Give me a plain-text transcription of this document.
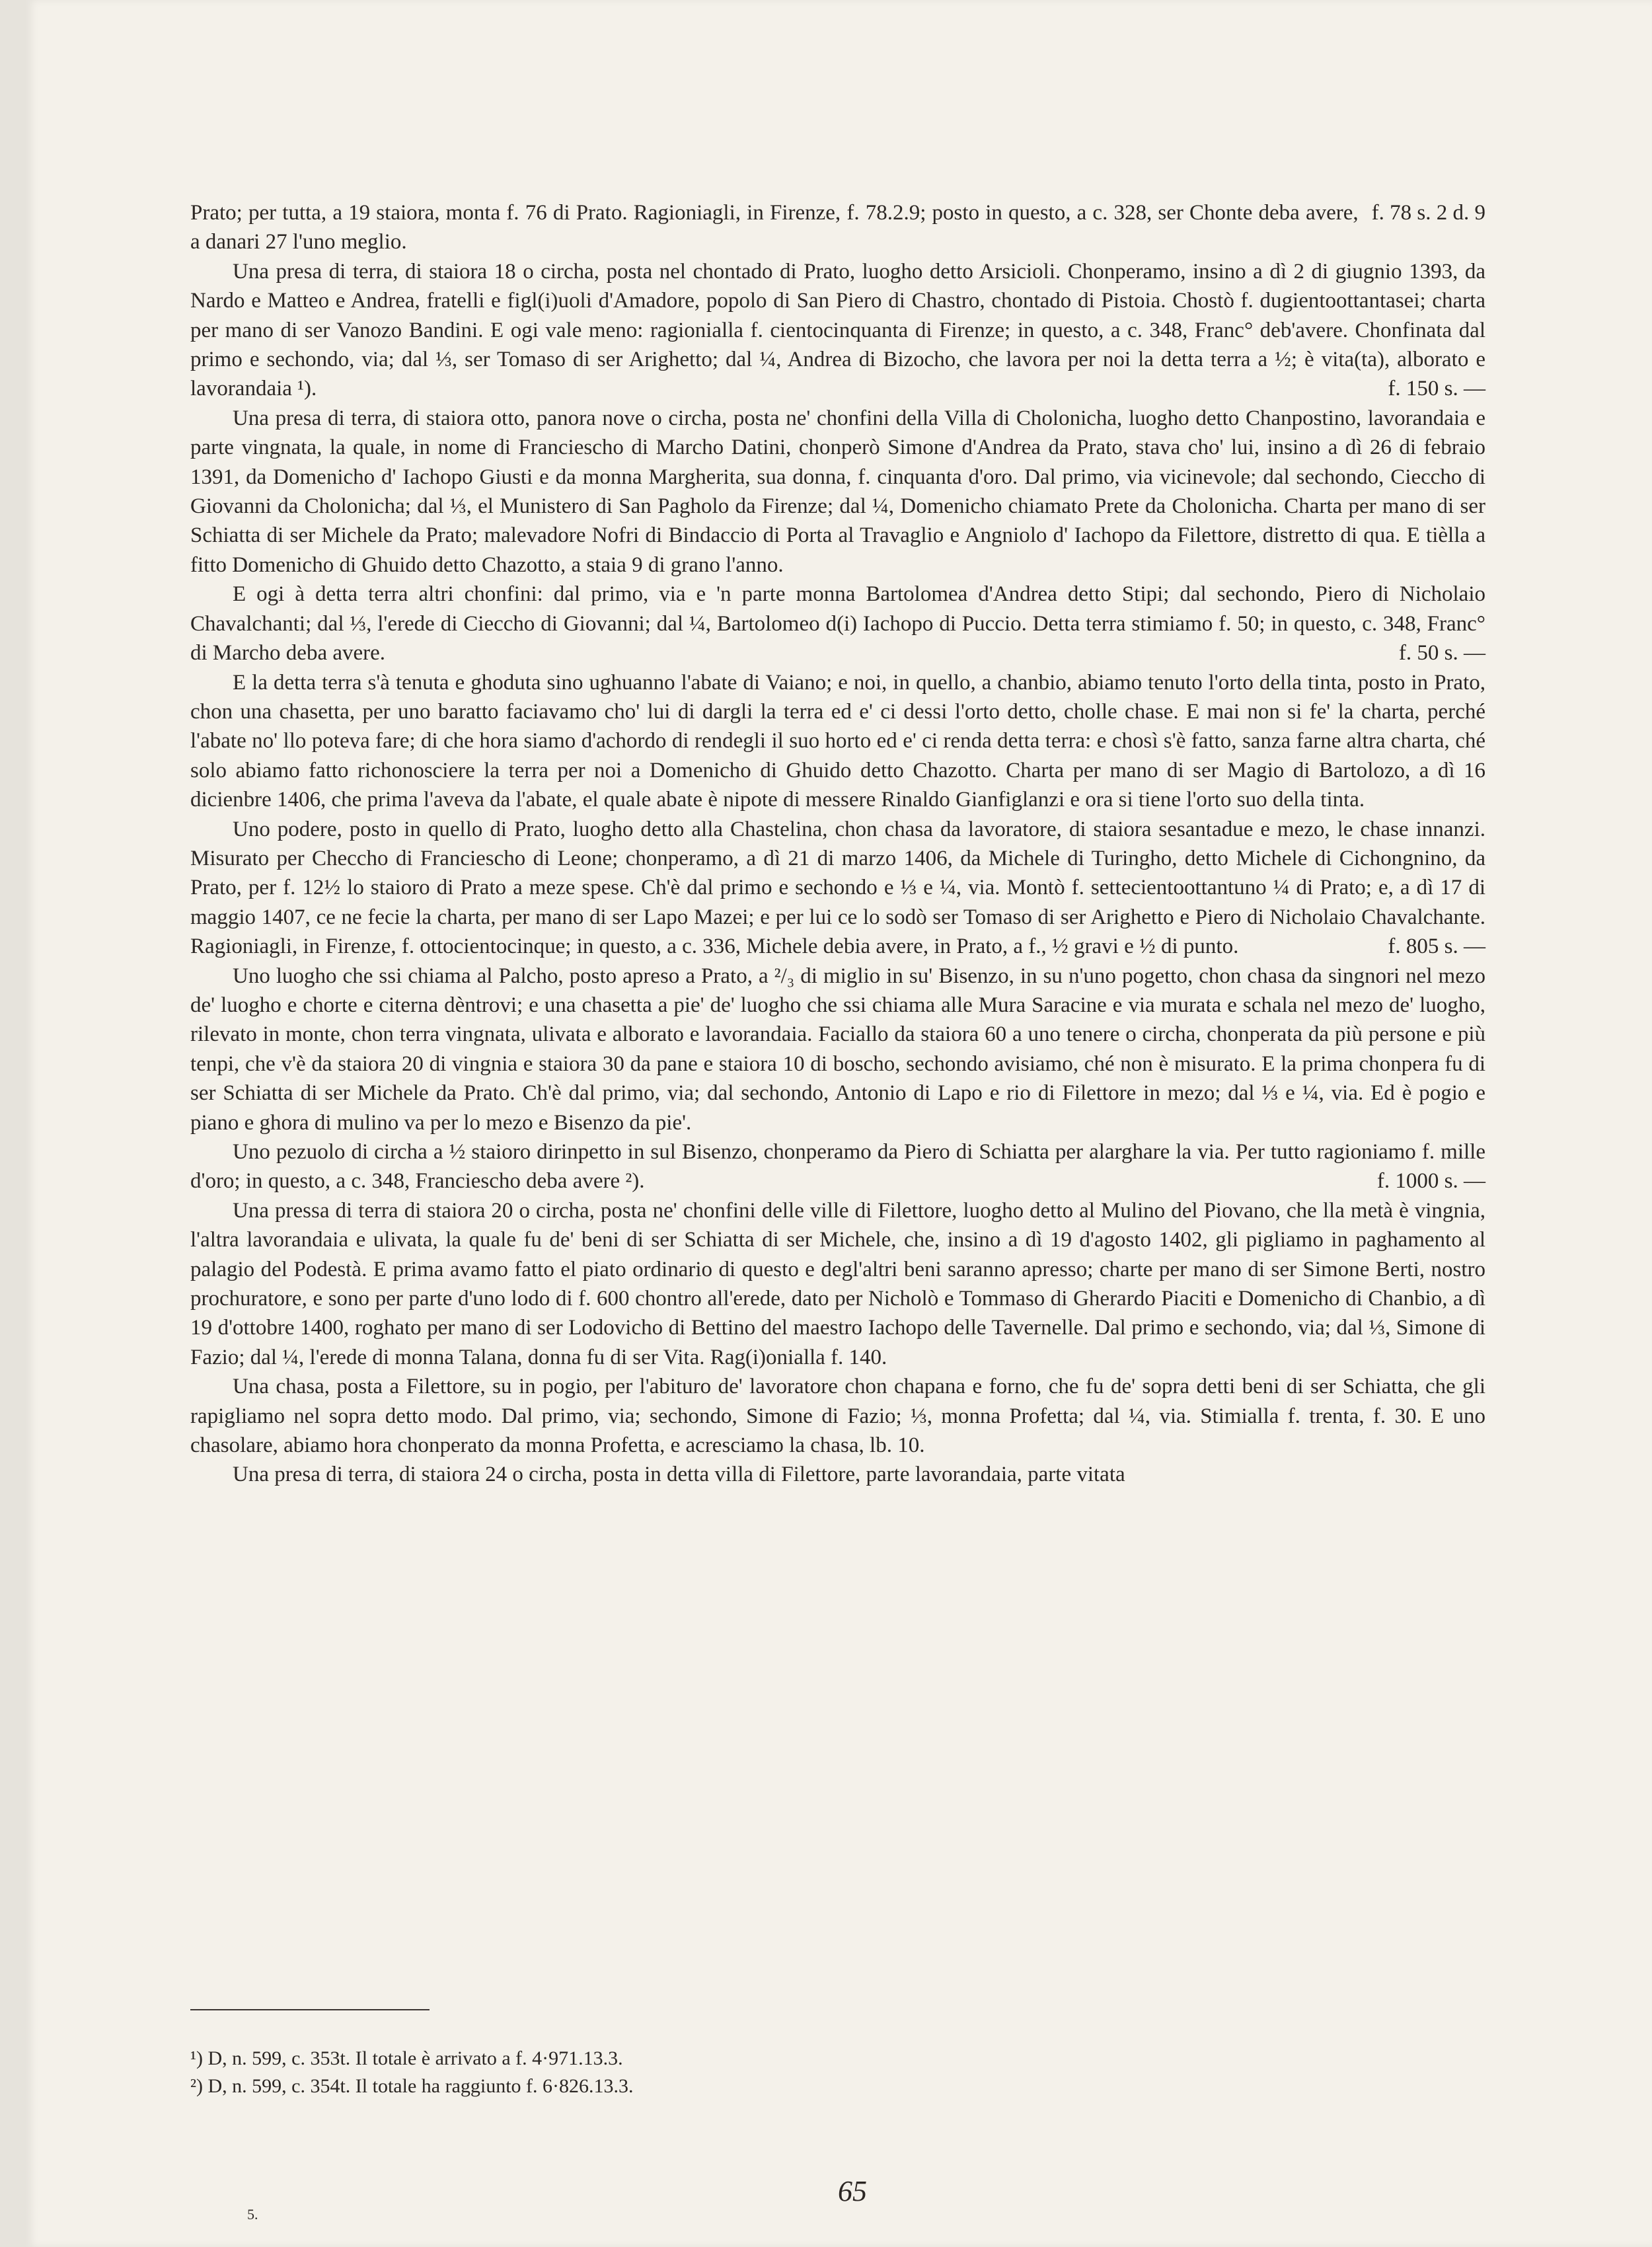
f. 78 s. 2 d. 9
Prato; per tutta, a 19 staiora, monta f. 76 di Prato. Ragioniagli, in Firenze, f. 78.2.9; posto in questo, a c. 328, ser Chonte deba avere, a danari 27 l'uno meglio.

Una presa di terra, di staiora 18 o circha, posta nel chontado di Prato, luogho detto Arsicioli. Chonperamo, insino a dì 2 di giugnio 1393, da Nardo e Matteo e Andrea, fratelli e figl(i)uoli d'Amadore, popolo di San Piero di Chastro, chontado di Pistoia. Chostò f. dugientoottantasei; charta per mano di ser Vanozo Bandini. E ogi vale meno: ragionialla f. cientocinquanta di Firenze; in questo, a c. 348, Franc° deb'avere. Chonfinata dal primo e sechondo, via; dal ⅓, ser Tomaso di ser Arighetto; dal ¼, Andrea di Bizocho, che lavora per noi la detta terra a ½; è vita(ta), alborato e lavorandaia ¹).	f. 150 s. —

Una presa di terra, di staiora otto, panora nove o circha, posta ne' chonfini della Villa di Cholonicha, luogho detto Chanpostino, lavorandaia e parte vingnata, la quale, in nome di Franciescho di Marcho Datini, chonperò Simone d'Andrea da Prato, stava cho' lui, insino a dì 26 di febraio 1391, da Domenicho d' Iachopo Giusti e da monna Margherita, sua donna, f. cinquanta d'oro. Dal primo, via vicinevole; dal sechondo, Ciecchо di Giovanni da Cholonicha; dal ⅓, el Munistero di San Pagholo da Firenze; dal ¼, Domenicho chiamato Prete da Cholonicha. Charta per mano di ser Schiatta di ser Michele da Prato; malevadore Nofri di Bindaccio di Porta al Travaglio e Angniolo d' Iachopo da Filettore, distretto di qua. E tièlla a fitto Domenicho di Ghuido detto Chazotto, a staia 9 di grano l'anno.

E ogi à detta terra altri chonfini: dal primo, via e 'n parte monna Bartolomea d'Andrea detto Stipi; dal sechondo, Piero di Nicholaio Chavalchanti; dal ⅓, l'erede di Ciecchо di Giovanni; dal ¼, Bartolomeo d(i) Iachopo di Puccio. Detta terra stimiamo f. 50; in questo, c. 348, Franc° di Marcho deba avere.	f. 50 s. —

E la detta terra s'à tenuta e ghoduta sino ughuanno l'abate di Vaiano; e noi, in quello, a chanbio, abiamo tenuto l'orto della tinta, posto in Prato, chon una chasetta, per uno baratto faciavamo cho' lui di dargli la terra ed e' ci dessi l'orto detto, cholle chase. E mai non si fe' la charta, perché l'abate no' llo poteva fare; di che hora siamo d'achordo di rendegli il suo horto ed e' ci renda detta terra: e chosì s'è fatto, sanza farne altra charta, ché solo abiamo fatto richonosciere la terra per noi a Domenicho di Ghuido detto Chazotto. Charta per mano di ser Magio di Bartolozo, a dì 16 dicienbre 1406, che prima l'aveva da l'abate, el quale abate è nipote di messere Rinaldo Gianfiglanzi e ora si tiene l'orto suo della tinta.

Uno podere, posto in quello di Prato, luogho detto alla Chastelina, chon chasa da lavoratore, di staiora sesantadue e mezo, le chase innanzi. Misurato per Checcho di Franciescho di Leone; chonperamo, a dì 21 di marzo 1406, da Michele di Turingho, detto Michele di Cichongnino, da Prato, per f. 12½ lo staioro di Prato a meze spese. Ch'è dal primo e sechondo e ⅓ e ¼, via. Montò f. settecientoottantuno ¼ di Prato; e, a dì 17 di maggio 1407, ce ne fecie la charta, per mano di ser Lapo Mazei; e per lui ce lo sodò ser Tomaso di ser Arighetto e Piero di Nicholaio Chavalchante. Ragioniagli, in Firenze, f. ottocientocinque; in questo, a c. 336, Michele debia avere, in Prato, a f., ½ gravi e ½ di punto.	f. 805 s. —

Uno luogho che ssi chiama al Palcho, posto apreso a Prato, a ²/₃ di miglio in su' Bisenzo, in su n'uno pogetto, chon chasa da singnori nel mezo de' luogho e chorte e citerna dèntrovi; e una chasetta a pie' de' luogho che ssi chiama alle Mura Saracine e via murata e schala nel mezo de' luogho, rilevato in monte, chon terra vingnata, ulivata e alborato e lavorandaia. Faciallo da staiora 60 a uno tenere o circha, chonperata da più persone e più tenpi, che v'è da staiora 20 di vingnia e staiora 30 da pane e staiora 10 di boscho, sechondo avisiamo, ché non è misurato. E la prima chonpera fu di ser Schiatta di ser Michele da Prato. Ch'è dal primo, via; dal sechondo, Antonio di Lapo e rio di Filettore in mezo; dal ⅓ e ¼, via. Ed è pogio e piano e ghora di mulino va per lo mezo e Bisenzo da pie'.

Uno pezuolo di circha a ½ staioro dirinpetto in sul Bisenzo, chonperamo da Piero di Schiatta per alarghare la via. Per tutto ragioniamo f. mille d'oro; in questo, a c. 348, Franciescho deba avere ²).	f. 1000 s. —

Una pressa di terra di staiora 20 o circha, posta ne' chonfini delle ville di Filettore, luogho detto al Mulino del Piovano, che lla metà è vingnia, l'altra lavorandaia e ulivata, la quale fu de' beni di ser Schiatta di ser Michele, che, insino a dì 19 d'agosto 1402, gli pigliamo in paghamento al palagio del Podestà. E prima avamo fatto el piato ordinario di questo e degl'altri beni saranno apresso; charte per mano di ser Simone Berti, nostro prochuratore, e sono per parte d'uno lodo di f. 600 chontro all'erede, dato per Nicholò e Tommaso di Gherardo Piaciti e Domenicho di Chanbio, a dì 19 d'ottobre 1400, roghato per mano di ser Lodovicho di Bettino del maestro Iachopo delle Tavernelle. Dal primo e sechondo, via; dal ⅓, Simone di Fazio; dal ¼, l'erede di monna Talana, donna fu di ser Vita. Rag(i)onialla f. 140.

Una chasa, posta a Filettore, su in pogio, per l'abituro de' lavoratore chon chapana e forno, che fu de' sopra detti beni di ser Schiatta, che gli rapigliamo nel sopra detto modo. Dal primo, via; sechondo, Simone di Fazio; ⅓, monna Profetta; dal ¼, via. Stimialla f. trenta, f. 30. E uno chasolare, abiamo hora chonperato da monna Profetta, e acresciamo la chasa, lb. 10.

Una presa di terra, di staiora 24 o circha, posta in detta villa di Filettore, parte lavorandaia, parte vitata

¹) D, n. 599, c. 353t. Il totale è arrivato a f. 4·971.13.3.
²) D, n. 599, c. 354t. Il totale ha raggiunto f. 6·826.13.3.
65
5.
